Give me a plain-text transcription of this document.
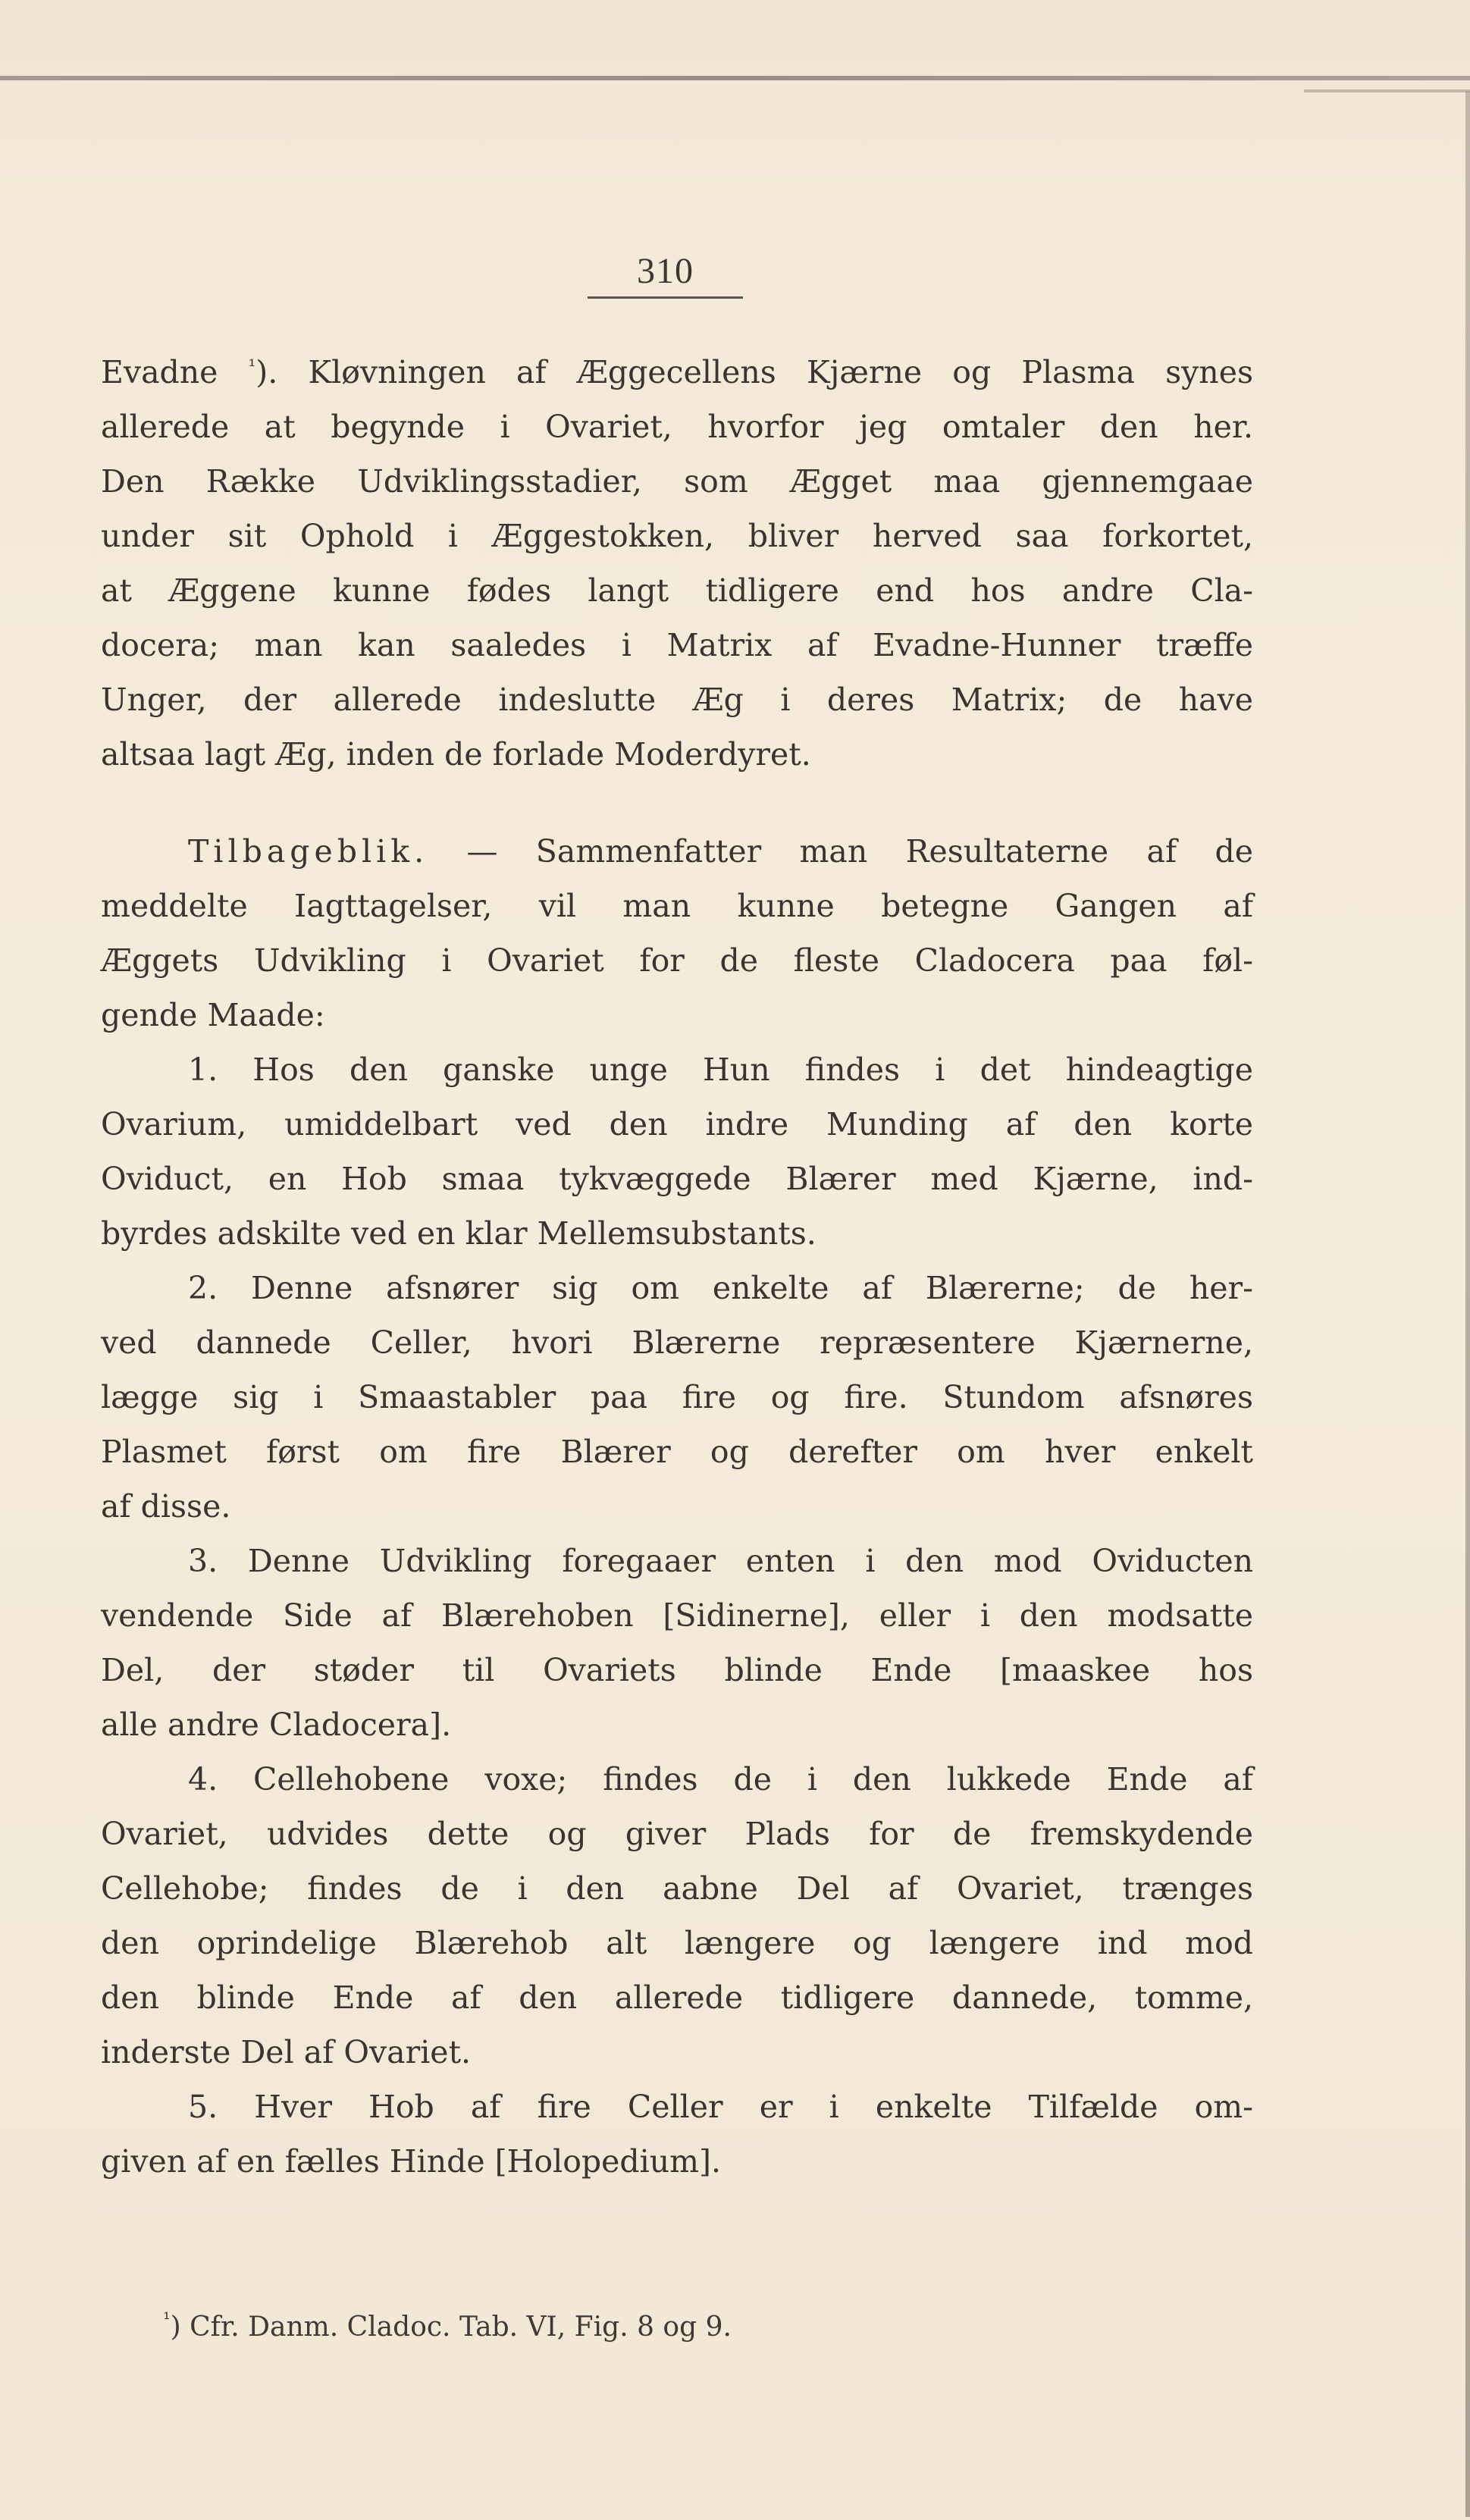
310
Evadne $^{^1}$). Kløvningen af Æggecellens Kjærne og Plasma synes
allerede at begynde i Ovariet, hvorfor jeg omtaler den her.
Den Række Udviklingsstadier, som Ægget maa gjennemgaae
under sit Ophold i Æggestokken, bliver herved saa forkortet,
at Æggene kunne fødes langt tidligere end hos andre Cla-
docera; man kan saaledes i Matrix af Evadne-Hunner træffe
Unger, der allerede indeslutte Æg i deres Matrix; de have
altsaa lagt Æg, inden de forlade Moderdyret.
Tilbageblik. — Sammenfatter man Resultaterne af de
meddelte Iagttagelser, vil man kunne betegne Gangen af
Æggets Udvikling i Ovariet for de fleste Cladocera paa føl-
gende Maade:
1. Hos den ganske unge Hun findes i det hindeagtige
Ovarium, umiddelbart ved den indre Munding af den korte
Oviduct, en Hob smaa tykvæggede Blærer med Kjærne, ind-
byrdes adskilte ved en klar Mellemsubstants.
2. Denne afsnører sig om enkelte af Blærerne; de her-
ved dannede Celler, hvori Blærerne repræsentere Kjærnerne,
lægge sig i Smaastabler paa fire og fire. Stundom afsnøres
Plasmet først om fire Blærer og derefter om hver enkelt
af disse.
3. Denne Udvikling foregaaer enten i den mod Oviducten
vendende Side af Blærehoben [Sidinerne], eller i den modsatte
Del, der støder til Ovariets blinde Ende [maaskee hos
alle andre Cladocera].
4. Cellehobene voxe; findes de i den lukkede Ende af
Ovariet, udvides dette og giver Plads for de fremskydende
Cellehobe; findes de i den aabne Del af Ovariet, trænges
den oprindelige Blærehob alt længere og længere ind mod
den blinde Ende af den allerede tidligere dannede, tomme,
inderste Del af Ovariet.
5. Hver Hob af fire Celler er i enkelte Tilfælde om-
given af en fælles Hinde [Holopedium].
$^{^1}$) Cfr. Danm. Cladoc. Tab. VI, Fig. 8 og 9.
